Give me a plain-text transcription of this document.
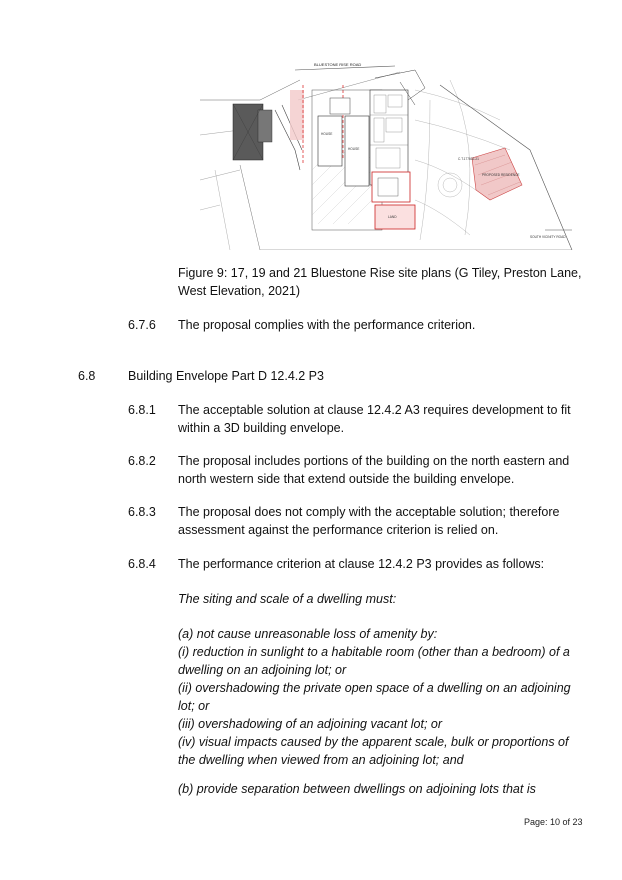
BLUESTONE RISE ROAD
HOUSE
HOUSE
LAND
PROPOSED RESIDENCE
C.T.177602-21
SOUTH VICINITY ROAD
Figure 9: 17, 19 and 21 Bluestone Rise site plans (G Tiley, Preston Lane,
West Elevation, 2021)
6.7.6 The proposal complies with the performance criterion.
6.8	Building Envelope Part D 12.4.2 P3
6.8.1 The acceptable solution at clause 12.4.2 A3 requires development to fit
within a 3D building envelope.
6.8.2 The proposal includes portions of the building on the north eastern and
north western side that extend outside the building envelope.
6.8.3 The proposal does not comply with the acceptable solution; therefore
assessment against the performance criterion is relied on.
6.8.4 The performance criterion at clause 12.4.2 P3 provides as follows:
The siting and scale of a dwelling must:
(a) not cause unreasonable loss of amenity by:
(i) reduction in sunlight to a habitable room (other than a bedroom) of a
dwelling on an adjoining lot; or
(ii) overshadowing the private open space of a dwelling on an adjoining
lot; or
(iii) overshadowing of an adjoining vacant lot; or
(iv) visual impacts caused by the apparent scale, bulk or proportions of
the dwelling when viewed from an adjoining lot; and
(b) provide separation between dwellings on adjoining lots that is
Page: 10 of 23
